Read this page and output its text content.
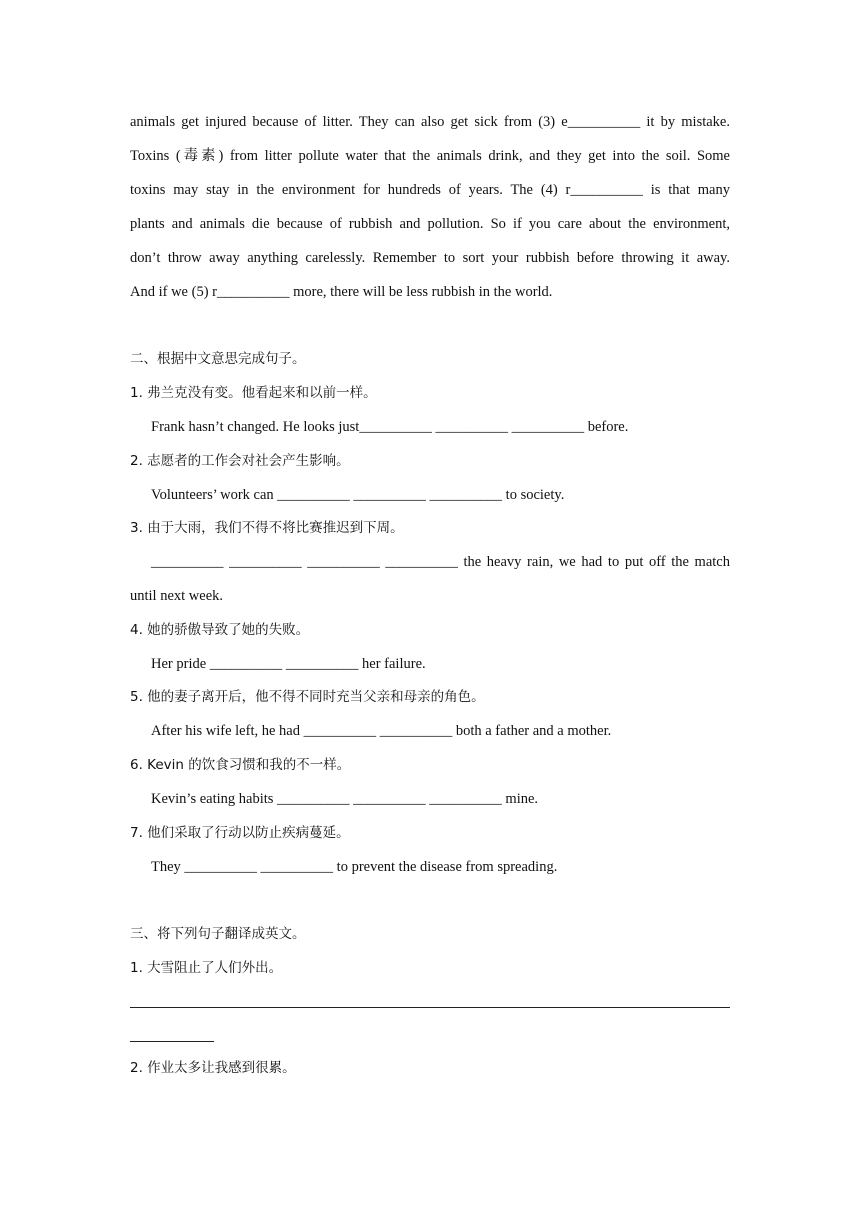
animals get injured because of litter. They can also get sick from (3) e__________ it by mistake.
Toxins (毒素) from litter pollute water that the animals drink, and they get into the soil. Some
toxins may stay in the environment for hundreds of years. The (4) r__________ is that many
plants and animals die because of rubbish and pollution. So if you care about the environment,
don’t throw away anything carelessly. Remember to sort your rubbish before throwing it away.
And if we (5) r__________ more, there will be less rubbish in the world.
二、根据中文意思完成句子。
1. 弗兰克没有变。他看起来和以前一样。
Frank hasn’t changed. He looks just__________ __________ __________ before.
2. 志愿者的工作会对社会产生影响。
Volunteers’ work can __________ __________ __________ to society.
3. 由于大雨，我们不得不将比赛推迟到下周。
__________ __________ __________ __________ the heavy rain, we had to put off the match
until next week.
4. 她的骄傲导致了她的失败。
Her pride __________ __________ her failure.
5. 他的妻子离开后，他不得不同时充当父亲和母亲的角色。
After his wife left, he had __________ __________ both a father and a mother.
6. Kevin 的饮食习惯和我的不一样。
Kevin’s eating habits __________ __________ __________ mine.
7. 他们采取了行动以防止疾病蔓延。
They __________ __________ to prevent the disease from spreading.
三、将下列句子翻译成英文。
1. 大雪阻止了人们外出。
2. 作业太多让我感到很累。
